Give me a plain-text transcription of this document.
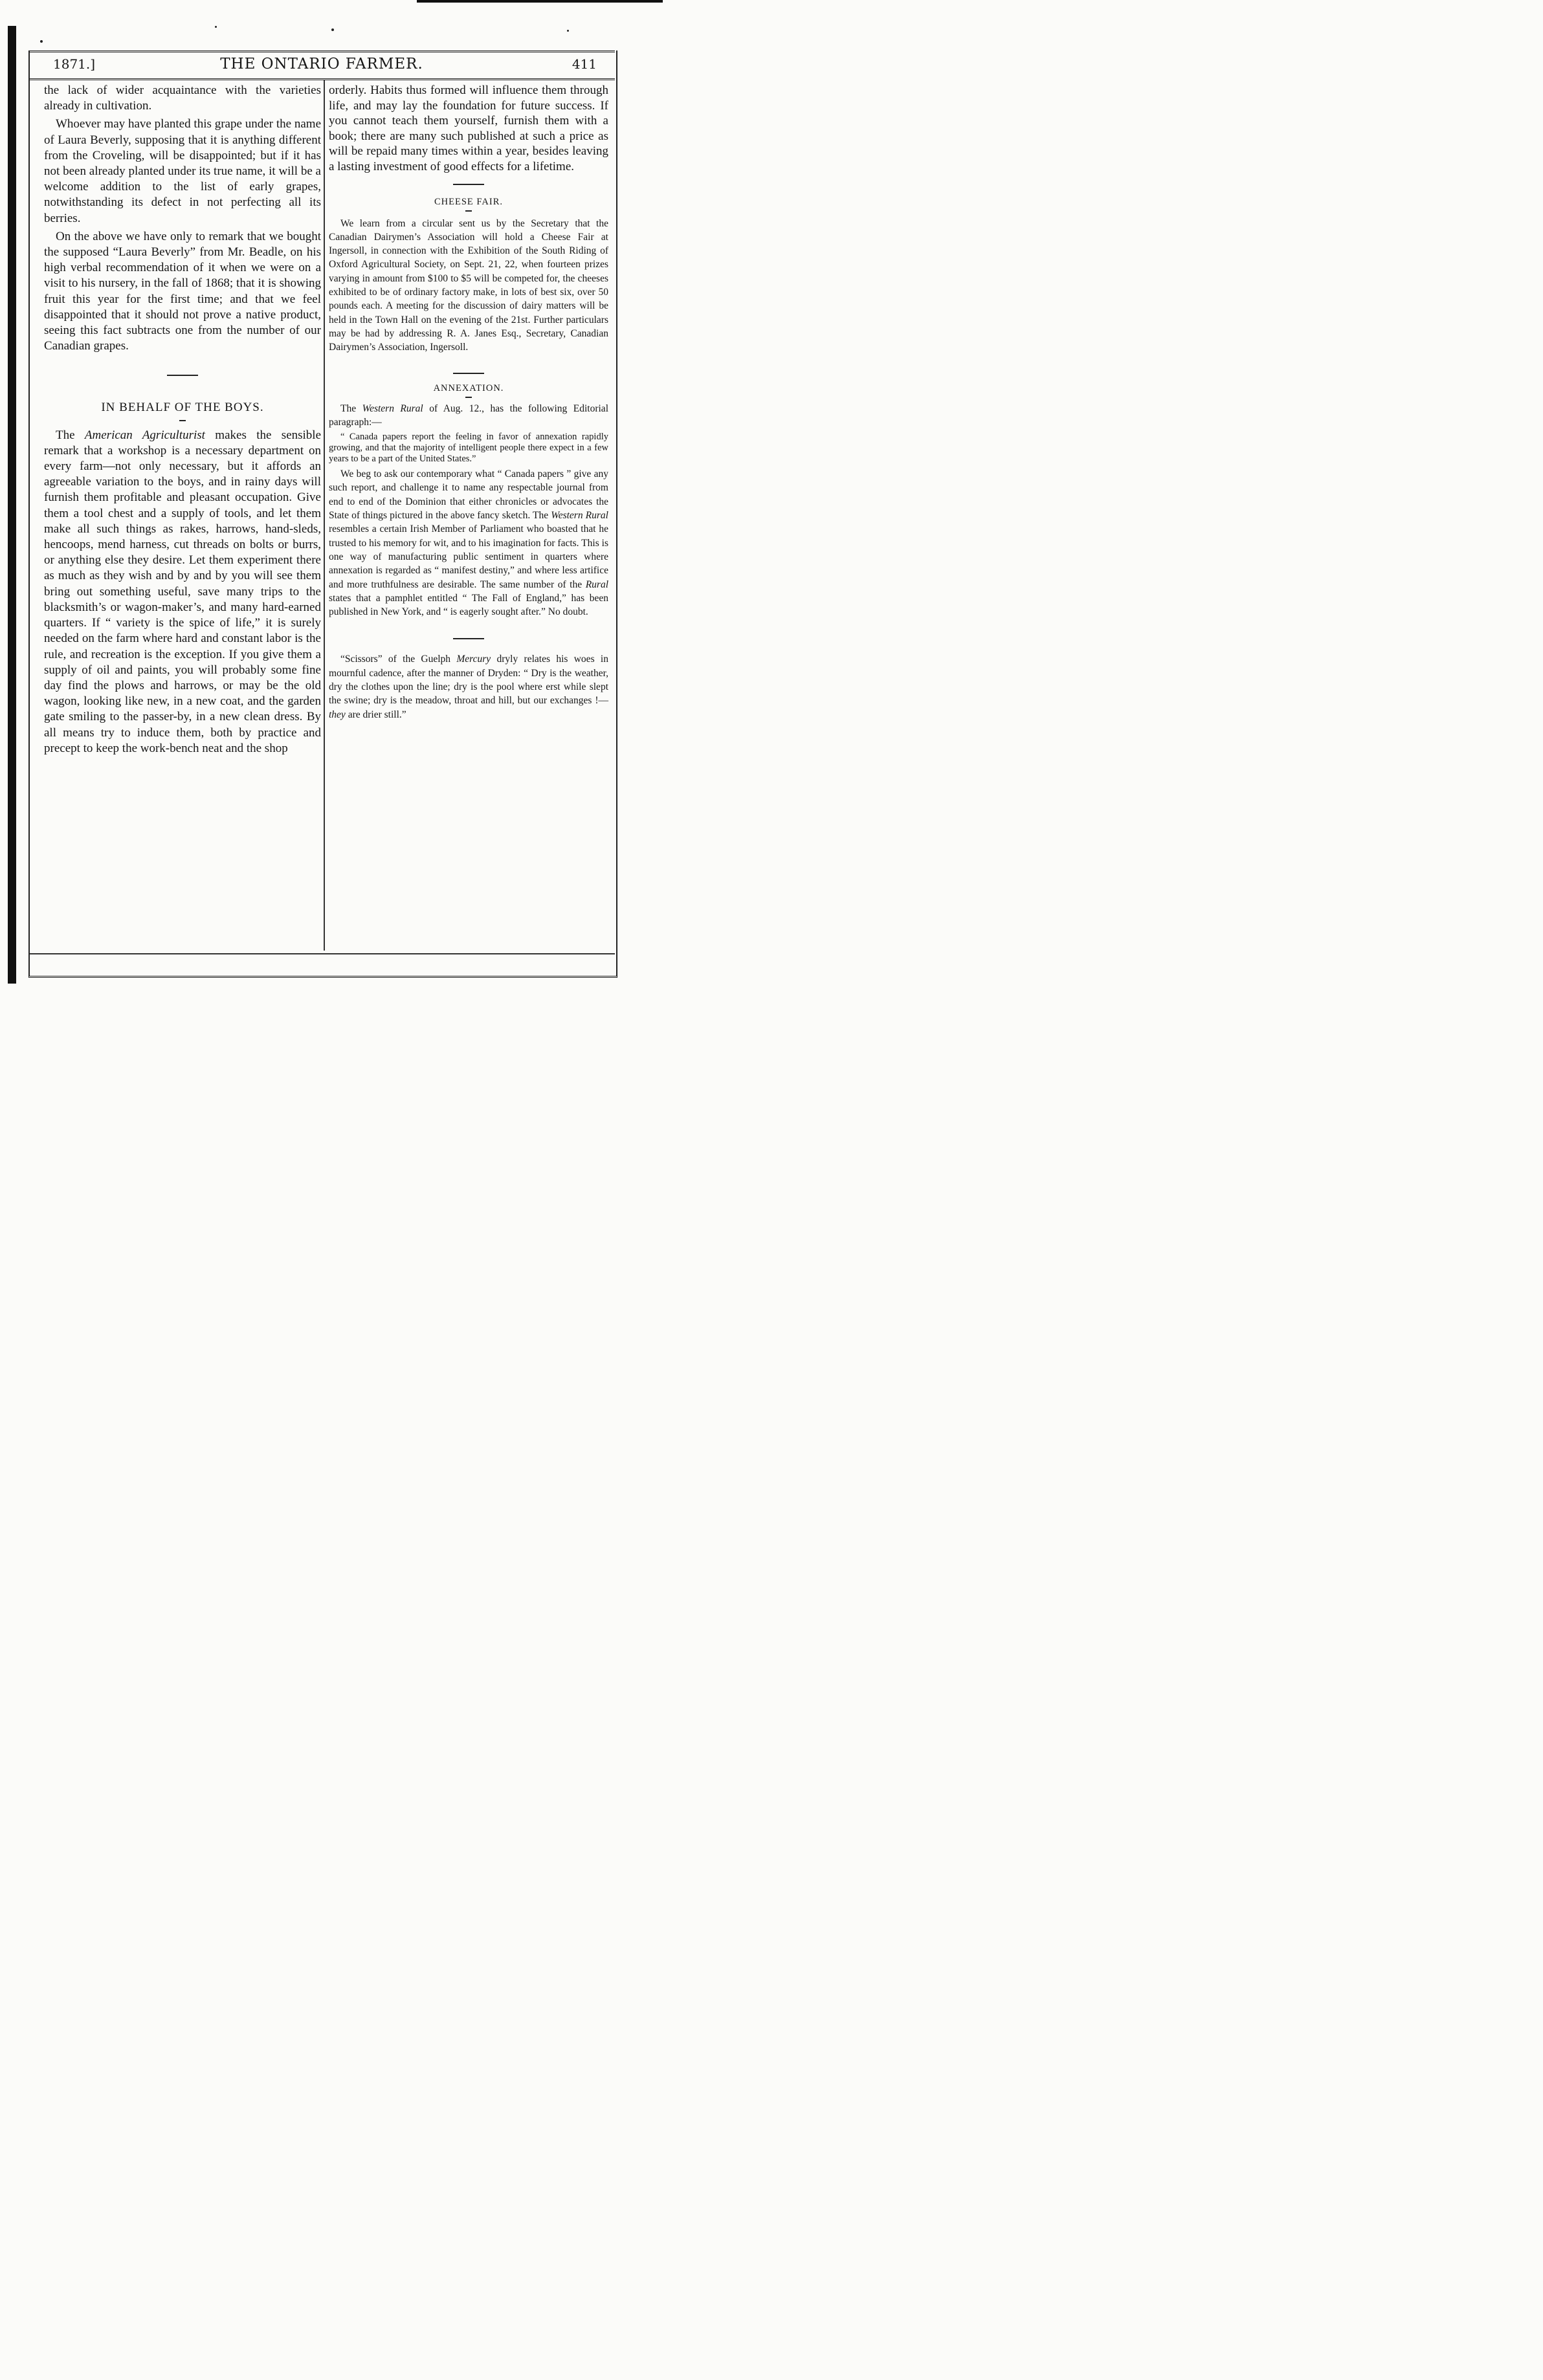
1871.]	THE ONTARIO FARMER.	411

the lack of wider acquaintance with the varieties already in cultivation.

Whoever may have planted this grape under the name of Laura Beverly, supposing that it is anything different from the Croveling, will be disappointed; but if it has not been already planted under its true name, it will be a welcome addition to the list of early grapes, notwithstanding its defect in not perfecting all its berries.

On the above we have only to remark that we bought the supposed “Laura Beverly” from Mr. Beadle, on his high verbal recommendation of it when we were on a visit to his nursery, in the fall of 1868; that it is showing fruit this year for the first time; and that we feel disappointed that it should not prove a native product, seeing this fact subtracts one from the number of our Canadian grapes.

IN BEHALF OF THE BOYS.

The American Agriculturist makes the sensible remark that a workshop is a necessary department on every farm—not only necessary, but it affords an agreeable variation to the boys, and in rainy days will furnish them profitable and pleasant occupation. Give them a tool chest and a supply of tools, and let them make all such things as rakes, harrows, hand-sleds, hencoops, mend harness, cut threads on bolts or burrs, or anything else they desire. Let them experiment there as much as they wish and by and by you will see them bring out something useful, save many trips to the blacksmith’s or wagon-maker’s, and many hard-earned quarters. If “ variety is the spice of life,” it is surely needed on the farm where hard and constant labor is the rule, and recreation is the exception. If you give them a supply of oil and paints, you will probably some fine day find the plows and harrows, or may be the old wagon, looking like new, in a new coat, and the garden gate smiling to the passer-by, in a new clean dress. By all means try to induce them, both by practice and precept to keep the work-bench neat and the shop

orderly. Habits thus formed will influence them through life, and may lay the foundation for future success. If you cannot teach them yourself, furnish them with a book; there are many such published at such a price as will be repaid many times within a year, besides leaving a lasting investment of good effects for a lifetime.

CHEESE FAIR.

We learn from a circular sent us by the Secretary that the Canadian Dairymen’s Association will hold a Cheese Fair at Ingersoll, in connection with the Exhibition of the South Riding of Oxford Agricultural Society, on Sept. 21, 22, when fourteen prizes varying in amount from $100 to $5 will be competed for, the cheeses exhibited to be of ordinary factory make, in lots of best six, over 50 pounds each. A meeting for the discussion of dairy matters will be held in the Town Hall on the evening of the 21st. Further particulars may be had by addressing R. A. Janes Esq., Secretary, Canadian Dairymen’s Association, Ingersoll.

ANNEXATION.

The Western Rural of Aug. 12., has the following Editorial paragraph:—

“ Canada papers report the feeling in favor of annexation rapidly growing, and that the majority of intelligent people there expect in a few years to be a part of the United States.”

We beg to ask our contemporary what “ Canada papers ” give any such report, and challenge it to name any respectable journal from end to end of the Dominion that either chronicles or advocates the State of things pictured in the above fancy sketch. The Western Rural resembles a certain Irish Member of Parliament who boasted that he trusted to his memory for wit, and to his imagination for facts. This is one way of manufacturing public sentiment in quarters where annexation is regarded as “ manifest destiny,” and where less artifice and more truthfulness are desirable. The same number of the Rural states that a pamphlet entitled “ The Fall of England,” has been published in New York, and “ is eagerly sought after.” No doubt.

“Scissors” of the Guelph Mercury dryly relates his woes in mournful cadence, after the manner of Dryden: “ Dry is the weather, dry the clothes upon the line; dry is the pool where erst while slept the swine; dry is the meadow, throat and hill, but our exchanges !—they are drier still.”
